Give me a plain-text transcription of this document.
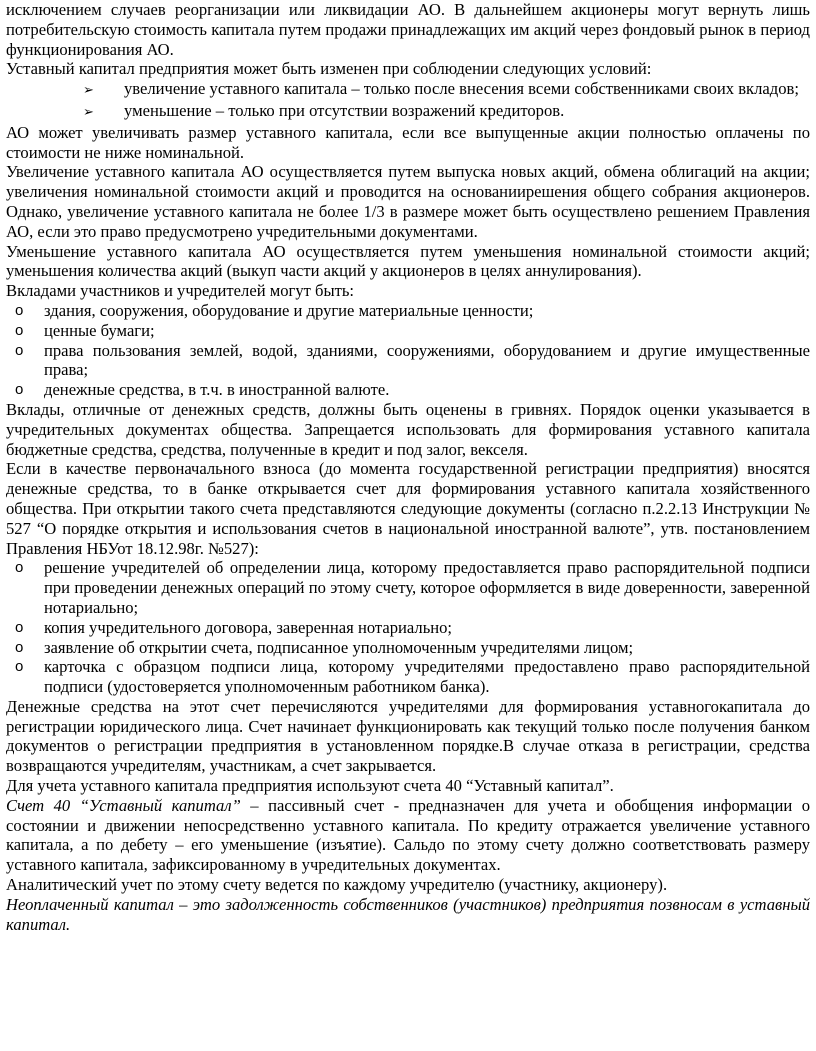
исключением случаев реорганизации или ликвидации АО. В дальнейшем акционеры могут вернуть лишь потребительскую стоимость капитала путем продажи принадлежащих им акций через фондовый рынок в период функционирования АО.

Уставный капитал предприятия может быть изменен при соблюдении следующих условий:

➢ увеличение уставного капитала – только после внесения всеми собственниками своих вкладов;
➢ уменьшение – только при отсутствии возражений кредиторов.

АО может увеличивать размер уставного капитала, если все выпущенные акции полностью оплачены по стоимости не ниже номинальной.

Увеличение уставного капитала АО осуществляется путем выпуска новых акций, обмена облигаций на акции; увеличения номинальной стоимости акций и проводится на основаниирешения общего собрания акционеров. Однако, увеличение уставного капитала не более 1/3 в размере может быть осуществлено решением Правления АО, если это право предусмотрено учредительными документами.

Уменьшение уставного капитала АО осуществляется путем уменьшения номинальной стоимости акций; уменьшения количества акций (выкуп части акций у акционеров в целях аннулирования).

Вкладами участников и учредителей могут быть:

o здания, сооружения, оборудование и другие материальные ценности;
o ценные бумаги;
o права пользования землей, водой, зданиями, сооружениями, оборудованием и другие имущественные права;
o денежные средства, в т.ч. в иностранной валюте.

Вклады, отличные от денежных средств, должны быть оценены в гривнях. Порядок оценки указывается в учредительных документах общества. Запрещается использовать для формирования уставного капитала бюджетные средства, средства, полученные в кредит и под залог, векселя.

Если в качестве первоначального взноса (до момента государственной регистрации предприятия) вносятся денежные средства, то в банке открывается счет для формирования уставного капитала хозяйственного общества. При открытии такого счета представляются следующие документы (согласно п.2.2.13 Инструкции № 527 “О порядке открытия и использования счетов в национальной иностранной валюте”, утв. постановлением Правления НБУот 18.12.98г. №527):

o решение учредителей об определении лица, которому предоставляется право распорядительной подписи при проведении денежных операций по этому счету, которое оформляется в виде доверенности, заверенной нотариально;
o копия учредительного договора, заверенная нотариально;
o заявление об открытии счета, подписанное уполномоченным учредителями лицом;
o карточка с образцом подписи лица, которому учредителями предоставлено право распорядительной подписи (удостоверяется уполномоченным работником банка).

Денежные средства на этот счет перечисляются учредителями для формирования уставногокапитала до регистрации юридического лица. Счет начинает функционировать как текущий только после получения банком документов о регистрации предприятия в установленном порядке.В случае отказа в регистрации, средства возвращаются учредителям, участникам, а счет закрывается.

Для учета уставного капитала предприятия используют счета 40 “Уставный капитал”.

Счет 40 “Уставный капитал” – пассивный счет - предназначен для учета и обобщения информации о состоянии и движении непосредственно уставного капитала. По кредиту отражается увеличение уставного капитала, а по дебету – его уменьшение (изъятие). Сальдо по этому счету должно соответствовать размеру уставного капитала, зафиксированному в учредительных документах.

Аналитический учет по этому счету ведется по каждому учредителю (участнику, акционеру).

Неоплаченный капитал – это задолженность собственников (участников) предприятия позвносам в уставный капитал.
